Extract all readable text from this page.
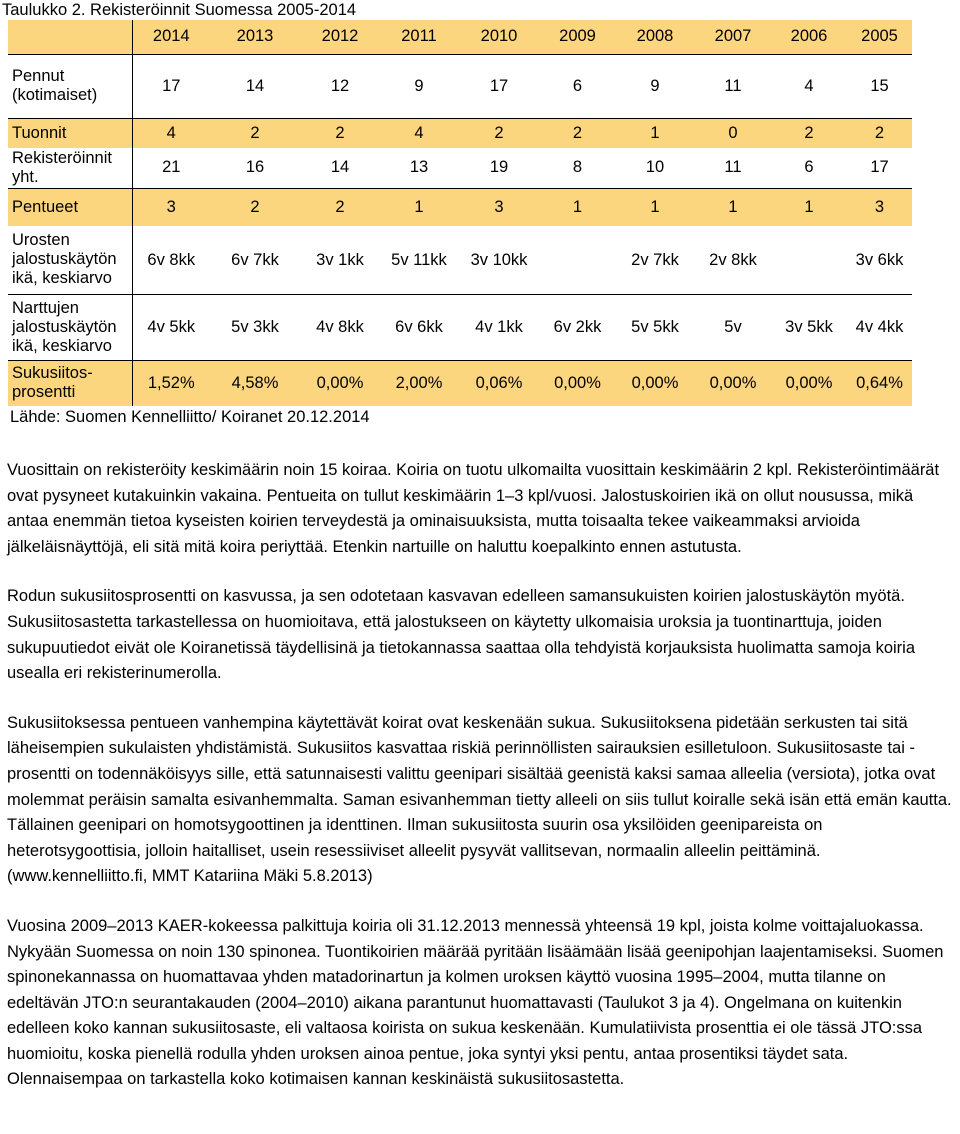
Taulukko 2. Rekisteröinnit Suomessa 2005-2014
	2014	2013	2012	2011	2010	2009	2008	2007	2006	2005
Pennut (kotimaiset)	17	14	12	9	17	6	9	11	4	15
Tuonnit	4	2	2	4	2	2	1	0	2	2
Rekisteröinnit yht.	21	16	14	13	19	8	10	11	6	17
Pentueet	3	2	2	1	3	1	1	1	1	3
Urosten jalostuskäytön ikä, keskiarvo	6v 8kk	6v 7kk	3v 1kk	5v 11kk	3v 10kk		2v 7kk	2v 8kk		3v 6kk
Narttujen jalostuskäytön ikä, keskiarvo	4v 5kk	5v 3kk	4v 8kk	6v 6kk	4v 1kk	6v 2kk	5v 5kk	5v	3v 5kk	4v 4kk
Sukusiitos-prosentti	1,52%	4,58%	0,00%	2,00%	0,06%	0,00%	0,00%	0,00%	0,00%	0,64%
Lähde: Suomen Kennelliitto/ Koiranet 20.12.2014										

Vuosittain on rekisteröity keskimäärin noin 15 koiraa. Koiria on tuotu ulkomailta vuosittain keskimäärin 2 kpl. Rekisteröintimäärät ovat pysyneet kutakuinkin vakaina. Pentueita on tullut keskimäärin 1–3 kpl/vuosi. Jalostuskoirien ikä on ollut nousussa, mikä antaa enemmän tietoa kyseisten koirien terveydestä ja ominaisuuksista, mutta toisaalta tekee vaikeammaksi arvioida jälkeläisnäyttöjä, eli sitä mitä koira periyttää. Etenkin nartuille on haluttu koepalkinto ennen astutusta.

Rodun sukusiitosprosentti on kasvussa, ja sen odotetaan kasvavan edelleen samansukuisten koirien jalostuskäytön myötä. Sukusiitosastetta tarkastellessa on huomioitava, että jalostukseen on käytetty ulkomaisia uroksia ja tuontinarttuja, joiden sukupuutiedot eivät ole Koiranetissä täydellisinä ja tietokannassa saattaa olla tehdyistä korjauksista huolimatta samoja koiria usealla eri rekisterinumerolla.

Sukusiitoksessa pentueen vanhempina käytettävät koirat ovat keskenään sukua. Sukusiitoksena pidetään serkusten tai sitä läheisempien sukulaisten yhdistämistä. Sukusiitos kasvattaa riskiä perinnöllisten sairauksien esilletuloon. Sukusiitosaste tai -prosentti on todennäköisyys sille, että satunnaisesti valittu geenipari sisältää geenistä kaksi samaa alleelia (versiota), jotka ovat molemmat peräisin samalta esivanhemmalta. Saman esivanhemman tietty alleeli on siis tullut koiralle sekä isän että emän kautta. Tällainen geenipari on homotsygoottinen ja identtinen. Ilman sukusiitosta suurin osa yksilöiden geenipareista on heterotsygoottisia, jolloin haitalliset, usein resessiiviset alleelit pysyvät vallitsevan, normaalin alleelin peittäminä. (www.kennelliitto.fi, MMT Katariina Mäki 5.8.2013)

Vuosina 2009–2013 KAER-kokeessa palkittuja koiria oli 31.12.2013 mennessä yhteensä 19 kpl, joista kolme voittajaluokassa. Nykyään Suomessa on noin 130 spinonea. Tuontikoirien määrää pyritään lisäämään lisää geenipohjan laajentamiseksi. Suomen spinonekannassa on huomattavaa yhden matadorinartun ja kolmen uroksen käyttö vuosina 1995–2004, mutta tilanne on edeltävän JTO:n seurantakauden (2004–2010) aikana parantunut huomattavasti (Taulukot 3 ja 4). Ongelmana on kuitenkin edelleen koko kannan sukusiitosaste, eli valtaosa koirista on sukua keskenään. Kumulatiivista prosenttia ei ole tässä JTO:ssa huomioitu, koska pienellä rodulla yhden uroksen ainoa pentue, joka syntyi yksi pentu, antaa prosentiksi täydet sata. Olennaisempaa on tarkastella koko kotimaisen kannan keskinäistä sukusiitosastetta.
